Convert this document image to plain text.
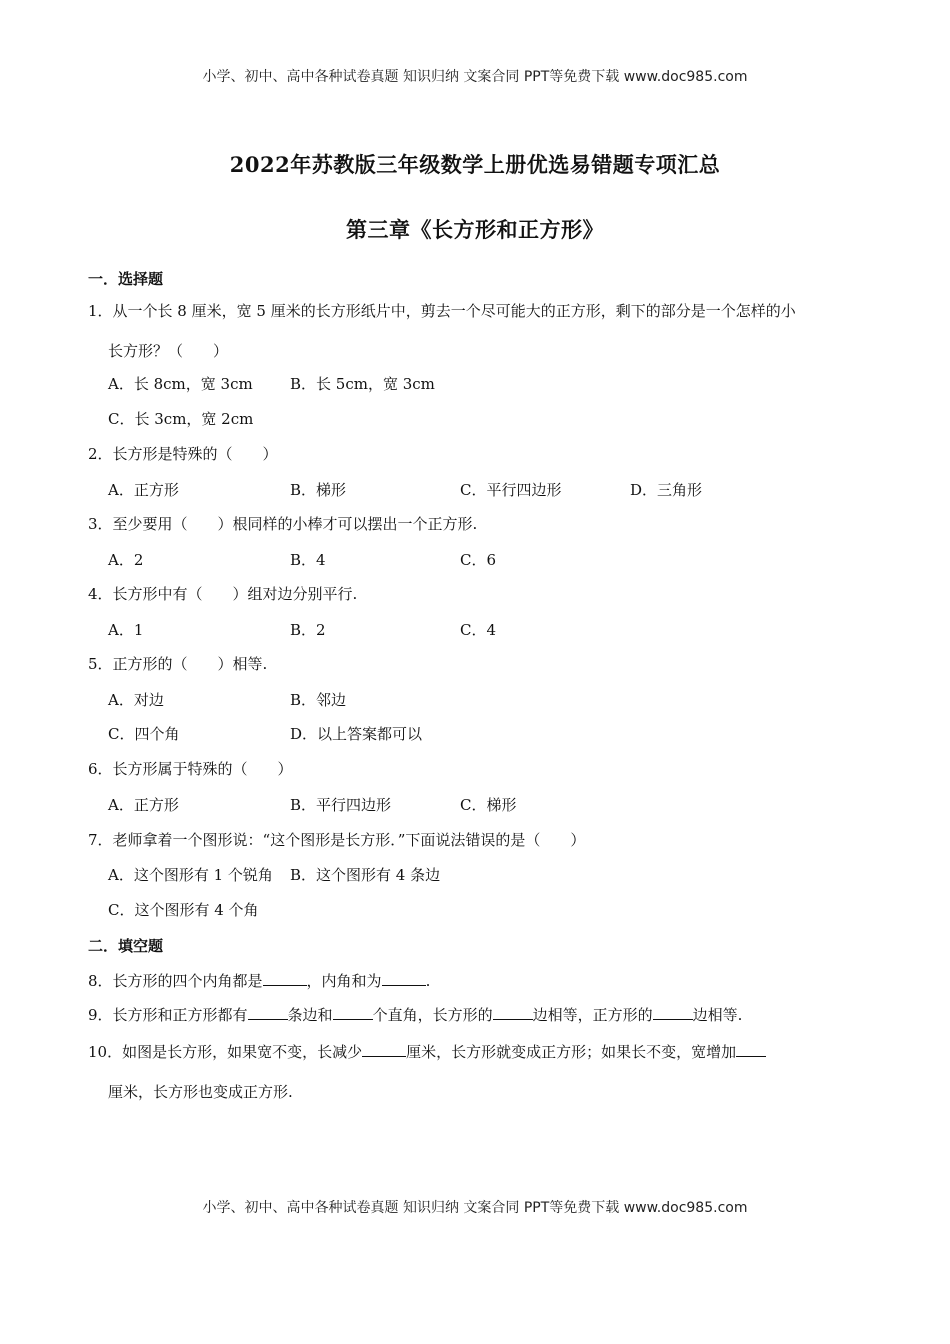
小学、初中、高中各种试卷真题 知识归纳 文案合同 PPT等免费下载 www.doc985.com
2022年苏教版三年级数学上册优选易错题专项汇总
第三章《长方形和正方形》
一．选择题
1．从一个长 8 厘米，宽 5 厘米的长方形纸片中，剪去一个尽可能大的正方形，剩下的部分是一个怎样的小
长方形？（　　）
A．长 8cm，宽 3cm B．长 5cm，宽 3cm
C．长 3cm，宽 2cm
2．长方形是特殊的（　　）
A．正方形	B．梯形	C．平行四边形	D．三角形
3．至少要用（　　）根同样的小棒才可以摆出一个正方形.
A．2	B．4	C．6
4．长方形中有（　　）组对边分别平行.
A．1	B．2	C．4
5．正方形的（　　）相等.
A．对边	B．邻边
C．四个角	D．以上答案都可以
6．长方形属于特殊的（　　）
A．正方形	B．平行四边形	C．梯形
7．老师拿着一个图形说：“这个图形是长方形．”下面说法错误的是（　　）
A．这个图形有 1 个锐角 B．这个图形有 4 条边
C．这个图形有 4 个角
二．填空题
8．长方形的四个内角都是	，内角和为	.
9．长方形和正方形都有	条边和	个直角，长方形的	边相等，正方形的	边相等.
10．如图是长方形，如果宽不变，长减少	厘米，长方形就变成正方形；如果长不变，宽增加
厘米，长方形也变成正方形.
小学、初中、高中各种试卷真题 知识归纳 文案合同 PPT等免费下载 www.doc985.com
